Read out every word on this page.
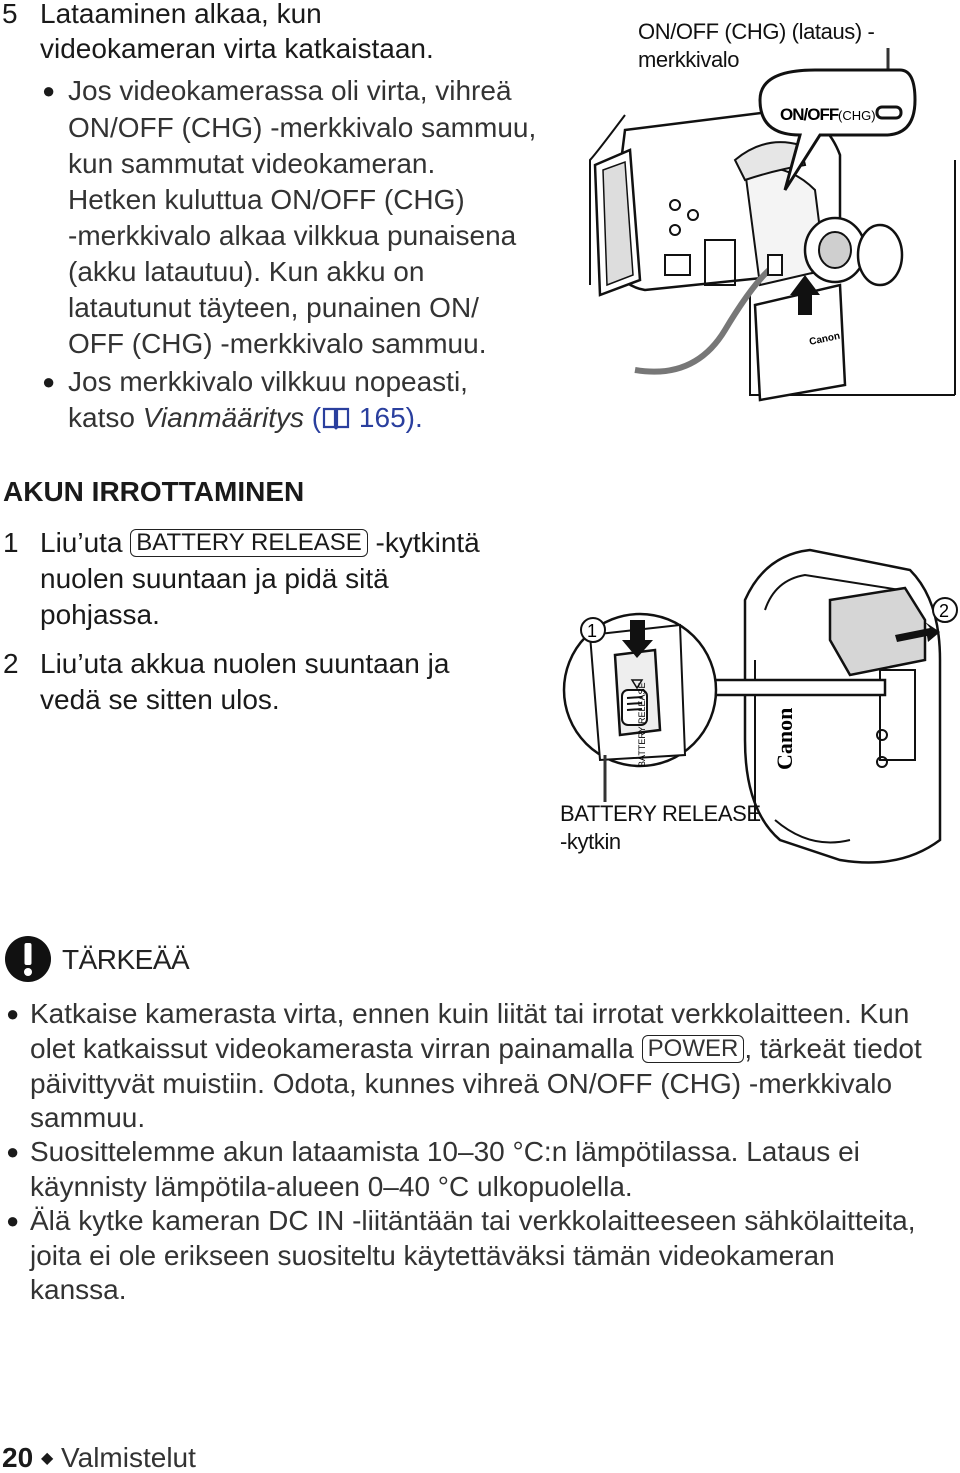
5 Lataaminen alkaa, kun
videokameran virta katkaistaan.
● Jos videokamerassa oli virta, vihreä
ON/OFF (CHG) -merkkivalo sammuu,
kun sammutat videokameran.
Hetken kuluttua ON/OFF (CHG)
-merkkivalo alkaa vilkkua punaisena
(akku latautuu). Kun akku on
latautunut täyteen, punainen ON/
OFF (CHG) -merkkivalo sammuu.
● Jos merkkivalo vilkkuu nopeasti,
katso Vianmääritys ( 165).
ON/OFF (CHG) (lataus) -merkkivalo
Canon
ON/OFF (CHG)
AKUN IRROTTAMINEN
1 Liu’uta BATTERY RELEASE -kytkintä
nuolen suuntaan ja pidä sitä
pohjassa.
2 Liu’uta akkua nuolen suuntaan ja
vedä se sitten ulos.
Canon
BATTERY RELEASE
1
2
BATTERY RELEASE
-kytkin
TÄRKEÄÄ
● Katkaise kamerasta virta, ennen kuin liität tai irrotat verkkolaitteen. Kun
olet katkaissut videokamerasta virran painamalla POWER , tärkeät tiedot
päivittyvät muistiin. Odota, kunnes vihreä ON/OFF (CHG) -merkkivalo
sammuu.
● Suosittelemme akun lataamista 10–30 °C:n lämpötilassa. Lataus ei
käynnisty lämpötila-alueen 0–40 °C ulkopuolella.
● Älä kytke kameran DC IN -liitäntään tai verkkolaitteeseen sähkölaitteita,
joita ei ole erikseen suositeltu käytettäväksi tämän videokameran
kanssa.
20 ◆ Valmistelut
